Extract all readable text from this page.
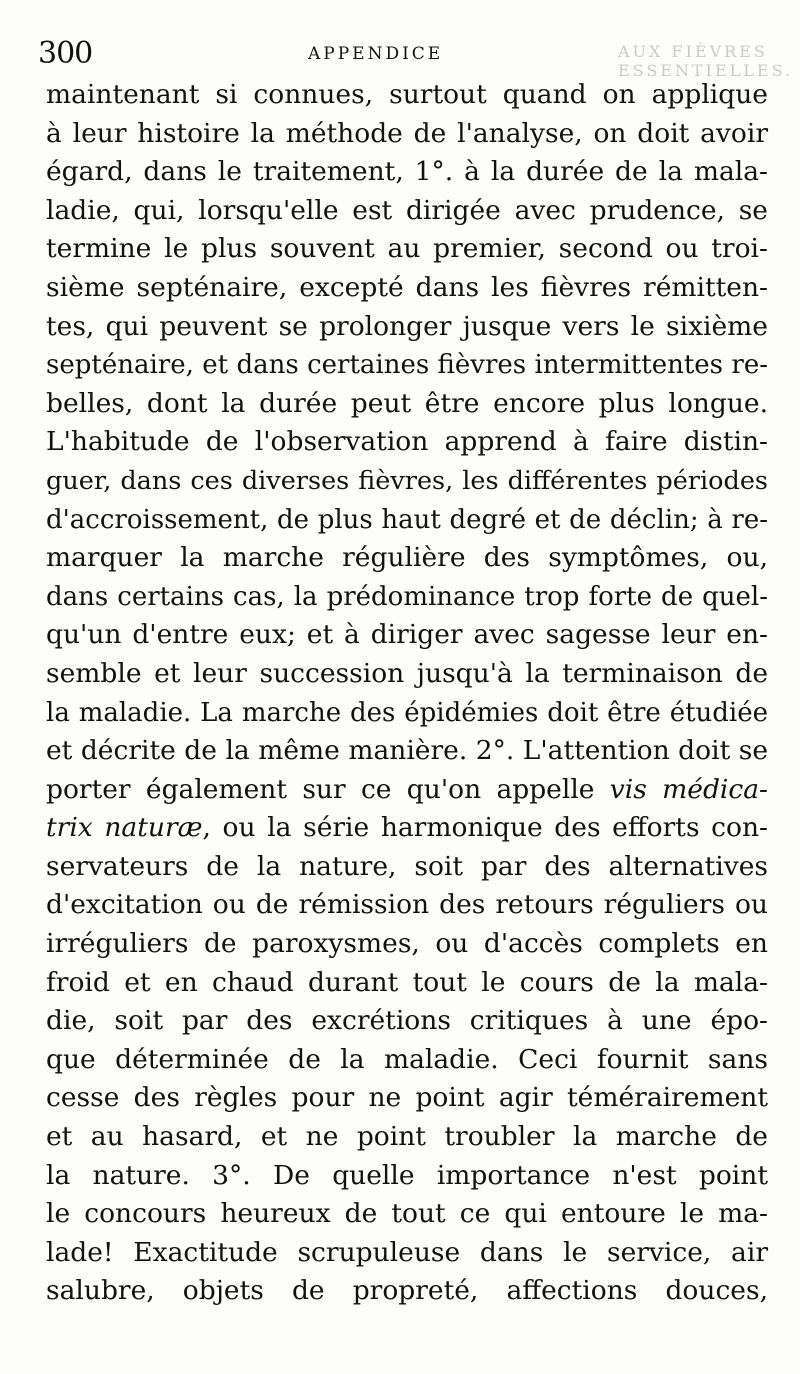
300	APPENDICE	AUX FIÈVRES ESSENTIELLES.
maintenant si connues, surtout quand on applique
à leur histoire la méthode de l'analyse, on doit avoir
égard, dans le traitement, 1°. à la durée de la mala-
ladie, qui, lorsqu'elle est dirigée avec prudence, se
termine le plus souvent au premier, second ou troi-
sième septénaire, excepté dans les fièvres rémitten-
tes, qui peuvent se prolonger jusque vers le sixième
septénaire, et dans certaines fièvres intermittentes re-
belles, dont la durée peut être encore plus longue.
L'habitude de l'observation apprend à faire distin-
guer, dans ces diverses fièvres, les différentes périodes
d'accroissement, de plus haut degré et de déclin; à re-
marquer la marche régulière des symptômes, ou,
dans certains cas, la prédominance trop forte de quel-
qu'un d'entre eux; et à diriger avec sagesse leur en-
semble et leur succession jusqu'à la terminaison de
la maladie. La marche des épidémies doit être étudiée
et décrite de la même manière. 2°. L'attention doit se
porter également sur ce qu'on appelle vis médica-
trix naturæ, ou la série harmonique des efforts con-
servateurs de la nature, soit par des alternatives
d'excitation ou de rémission des retours réguliers ou
irréguliers de paroxysmes, ou d'accès complets en
froid et en chaud durant tout le cours de la mala-
die, soit par des excrétions critiques à une épo-
que déterminée de la maladie. Ceci fournit sans
cesse des règles pour ne point agir témérairement
et au hasard, et ne point troubler la marche de
la nature. 3°. De quelle importance n'est point
le concours heureux de tout ce qui entoure le ma-
lade! Exactitude scrupuleuse dans le service, air
salubre, objets de propreté, affections douces,
